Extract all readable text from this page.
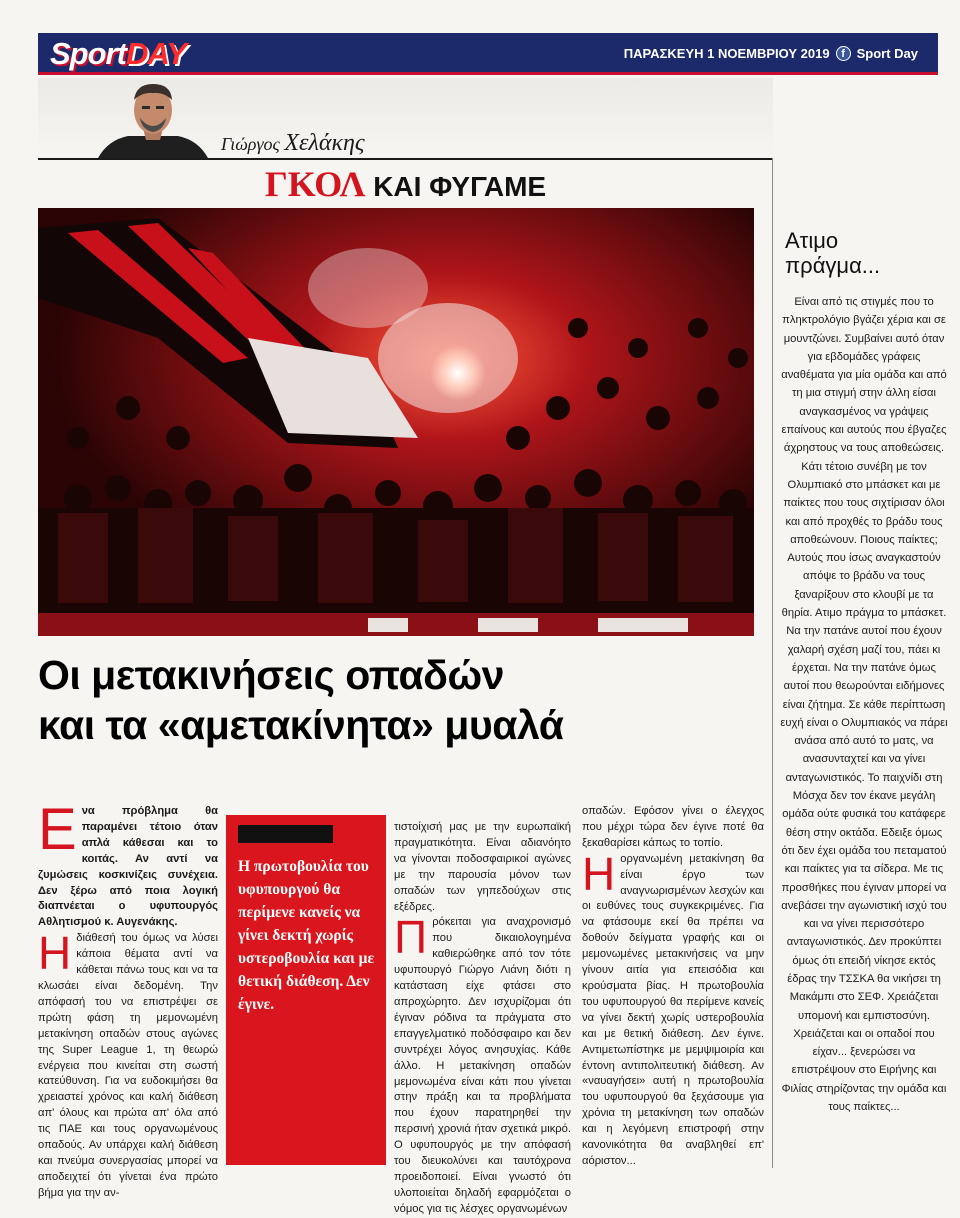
SportDAY	ΠΑΡΑΣΚΕΥΗ 1 ΝΟΕΜΒΡΙΟΥ 2019	f Sport Day
Γιώργος Χελάκης
ΓΚΟΛ ΚΑΙ ΦΥΓΑΜΕ
Οι μετακινήσεις οπαδών
και τα «αμετακίνητα» μυαλά

Ενα πρόβλημα θα παραμένει τέτοιο όταν απλά κάθεσαι και το κοιτάς. Αν αντί να ζυμώσεις κοσκινίζεις συνέχεια. Δεν ξέρω από ποια λογική διαπνέεται ο υφυπουργός Αθλητισμού κ. Αυγενάκης.

Η διάθεσή του όμως να λύσει κάποια θέματα αντί να κάθεται πάνω τους και να τα κλωσάει είναι δεδομένη. Την απόφασή του να επιστρέψει σε πρώτη φάση τη μεμονωμένη μετακίνηση οπαδών στους αγώνες της Super League 1, τη θεωρώ ενέργεια που κινείται στη σωστή κατεύθυνση. Για να ευδοκιμήσει θα χρειαστεί χρόνος και καλή διάθεση απ' όλους και πρώτα απ' όλα από τις ΠΑΕ και τους οργανωμένους οπαδούς. Αν υπάρχει καλή διάθεση και πνεύμα συνεργασίας μπορεί να αποδειχτεί ότι γίνεται ένα πρώτο βήμα για την αν-

Η πρωτοβουλία του υφυπουργού θα περίμενε κανείς να γίνει δεκτή χωρίς υστεροβουλία και με θετική διάθεση. Δεν έγινε.

τιστοίχισή μας με την ευρωπαϊκή πραγματικότητα. Είναι αδιανόητο να γίνονται ποδοσφαιρικοί αγώνες με την παρουσία μόνον των οπαδών των γηπεδούχων στις εξέδρες.

Πρόκειται για αναχρονισμό που δικαιολογημένα καθιερώθηκε από τον τότε υφυπουργό Γιώργο Λιάνη διότι η κατάσταση είχε φτάσει στο απροχώρητο. Δεν ισχυρίζομαι ότι έγιναν ρόδινα τα πράγματα στο επαγγελματικό ποδόσφαιρο και δεν συντρέχει λόγος ανησυχίας. Κάθε άλλο. Η μετακίνηση οπαδών μεμονωμένα είναι κάτι που γίνεται στην πράξη και τα προβλήματα που έχουν παρατηρηθεί την περσινή χρονιά ήταν σχετικά μικρό. Ο υφυπουργός με την απόφασή του διευκολύνει και ταυτόχρονα προειδοποιεί. Είναι γνωστό ότι υλοποιείται δηλαδή εφαρμόζεται ο νόμος για τις λέσχες οργανωμένων

οπαδών. Εφόσον γίνει ο έλεγχος που μέχρι τώρα δεν έγινε ποτέ θα ξεκαθαρίσει κάπως το τοπίο.

Η οργανωμένη μετακίνηση θα είναι έργο των αναγνωρισμένων λεσχών και οι ευθύνες τους συγκεκριμένες. Για να φτάσουμε εκεί θα πρέπει να δοθούν δείγματα γραφής και οι μεμονωμένες μετακινήσεις να μην γίνουν αιτία για επεισόδια και κρούσματα βίας. Η πρωτοβουλία του υφυπουργού θα περίμενε κανείς να γίνει δεκτή χωρίς υστεροβουλία και με θετική διάθεση. Δεν έγινε. Αντιμετωπίστηκε με μεμψιμοιρία και έντονη αντιπολιτευτική διάθεση. Αν «ναυαγήσει» αυτή η πρωτοβουλία του υφυπουργού θα ξεχάσουμε για χρόνια τη μετακίνηση των οπαδών και η λεγόμενη επιστροφή στην κανονικότητα θα αναβληθεί επ' αόριστον...

Ατιμο
πράγμα...
Είναι από τις στιγμές που το πληκτρολόγιο βγάζει χέρια και σε μουντζώνει. Συμβαίνει αυτό όταν για εβδομάδες γράφεις αναθέματα για μία ομάδα και από τη μια στιγμή στην άλλη είσαι αναγκασμένος να γράψεις επαίνους και αυτούς που έβγαζες άχρηστους να τους αποθεώσεις. Κάτι τέτοιο συνέβη με τον Ολυμπιακό στο μπάσκετ και με παίκτες που τους σιχτίρισαν όλοι και από προχθές το βράδυ τους αποθεώνουν. Ποιους παίκτες; Αυτούς που ίσως αναγκαστούν απόψε το βράδυ να τους ξαναρίξουν στο κλουβί με τα θηρία. Ατιμο πράγμα το μπάσκετ. Να την πατάνε αυτοί που έχουν χαλαρή σχέση μαζί του, πάει κι έρχεται. Να την πατάνε όμως αυτοί που θεωρούνται ειδήμονες είναι ζήτημα. Σε κάθε περίπτωση ευχή είναι ο Ολυμπιακός να πάρει ανάσα από αυτό το ματς, να ανασυνταχτεί και να γίνει ανταγωνιστικός. Το παιχνίδι στη Μόσχα δεν τον έκανε μεγάλη ομάδα ούτε φυσικά του κατάφερε θέση στην οκτάδα. Εδειξε όμως ότι δεν έχει ομάδα του πεταματού και παίκτες για τα σίδερα. Με τις προσθήκες που έγιναν μπορεί να ανεβάσει την αγωνιστική ισχύ του και να γίνει περισσότερο ανταγωνιστικός. Δεν προκύπτει όμως ότι επειδή νίκησε εκτός έδρας την ΤΣΣΚΑ θα νικήσει τη Μακάμπι στο ΣΕΦ. Χρειάζεται υπομονή και εμπιστοσύνη. Χρειάζεται και οι οπαδοί που είχαν... ξενερώσει να επιστρέψουν στο Ειρήνης και Φιλίας στηρίζοντας την ομάδα και τους παίκτες...
